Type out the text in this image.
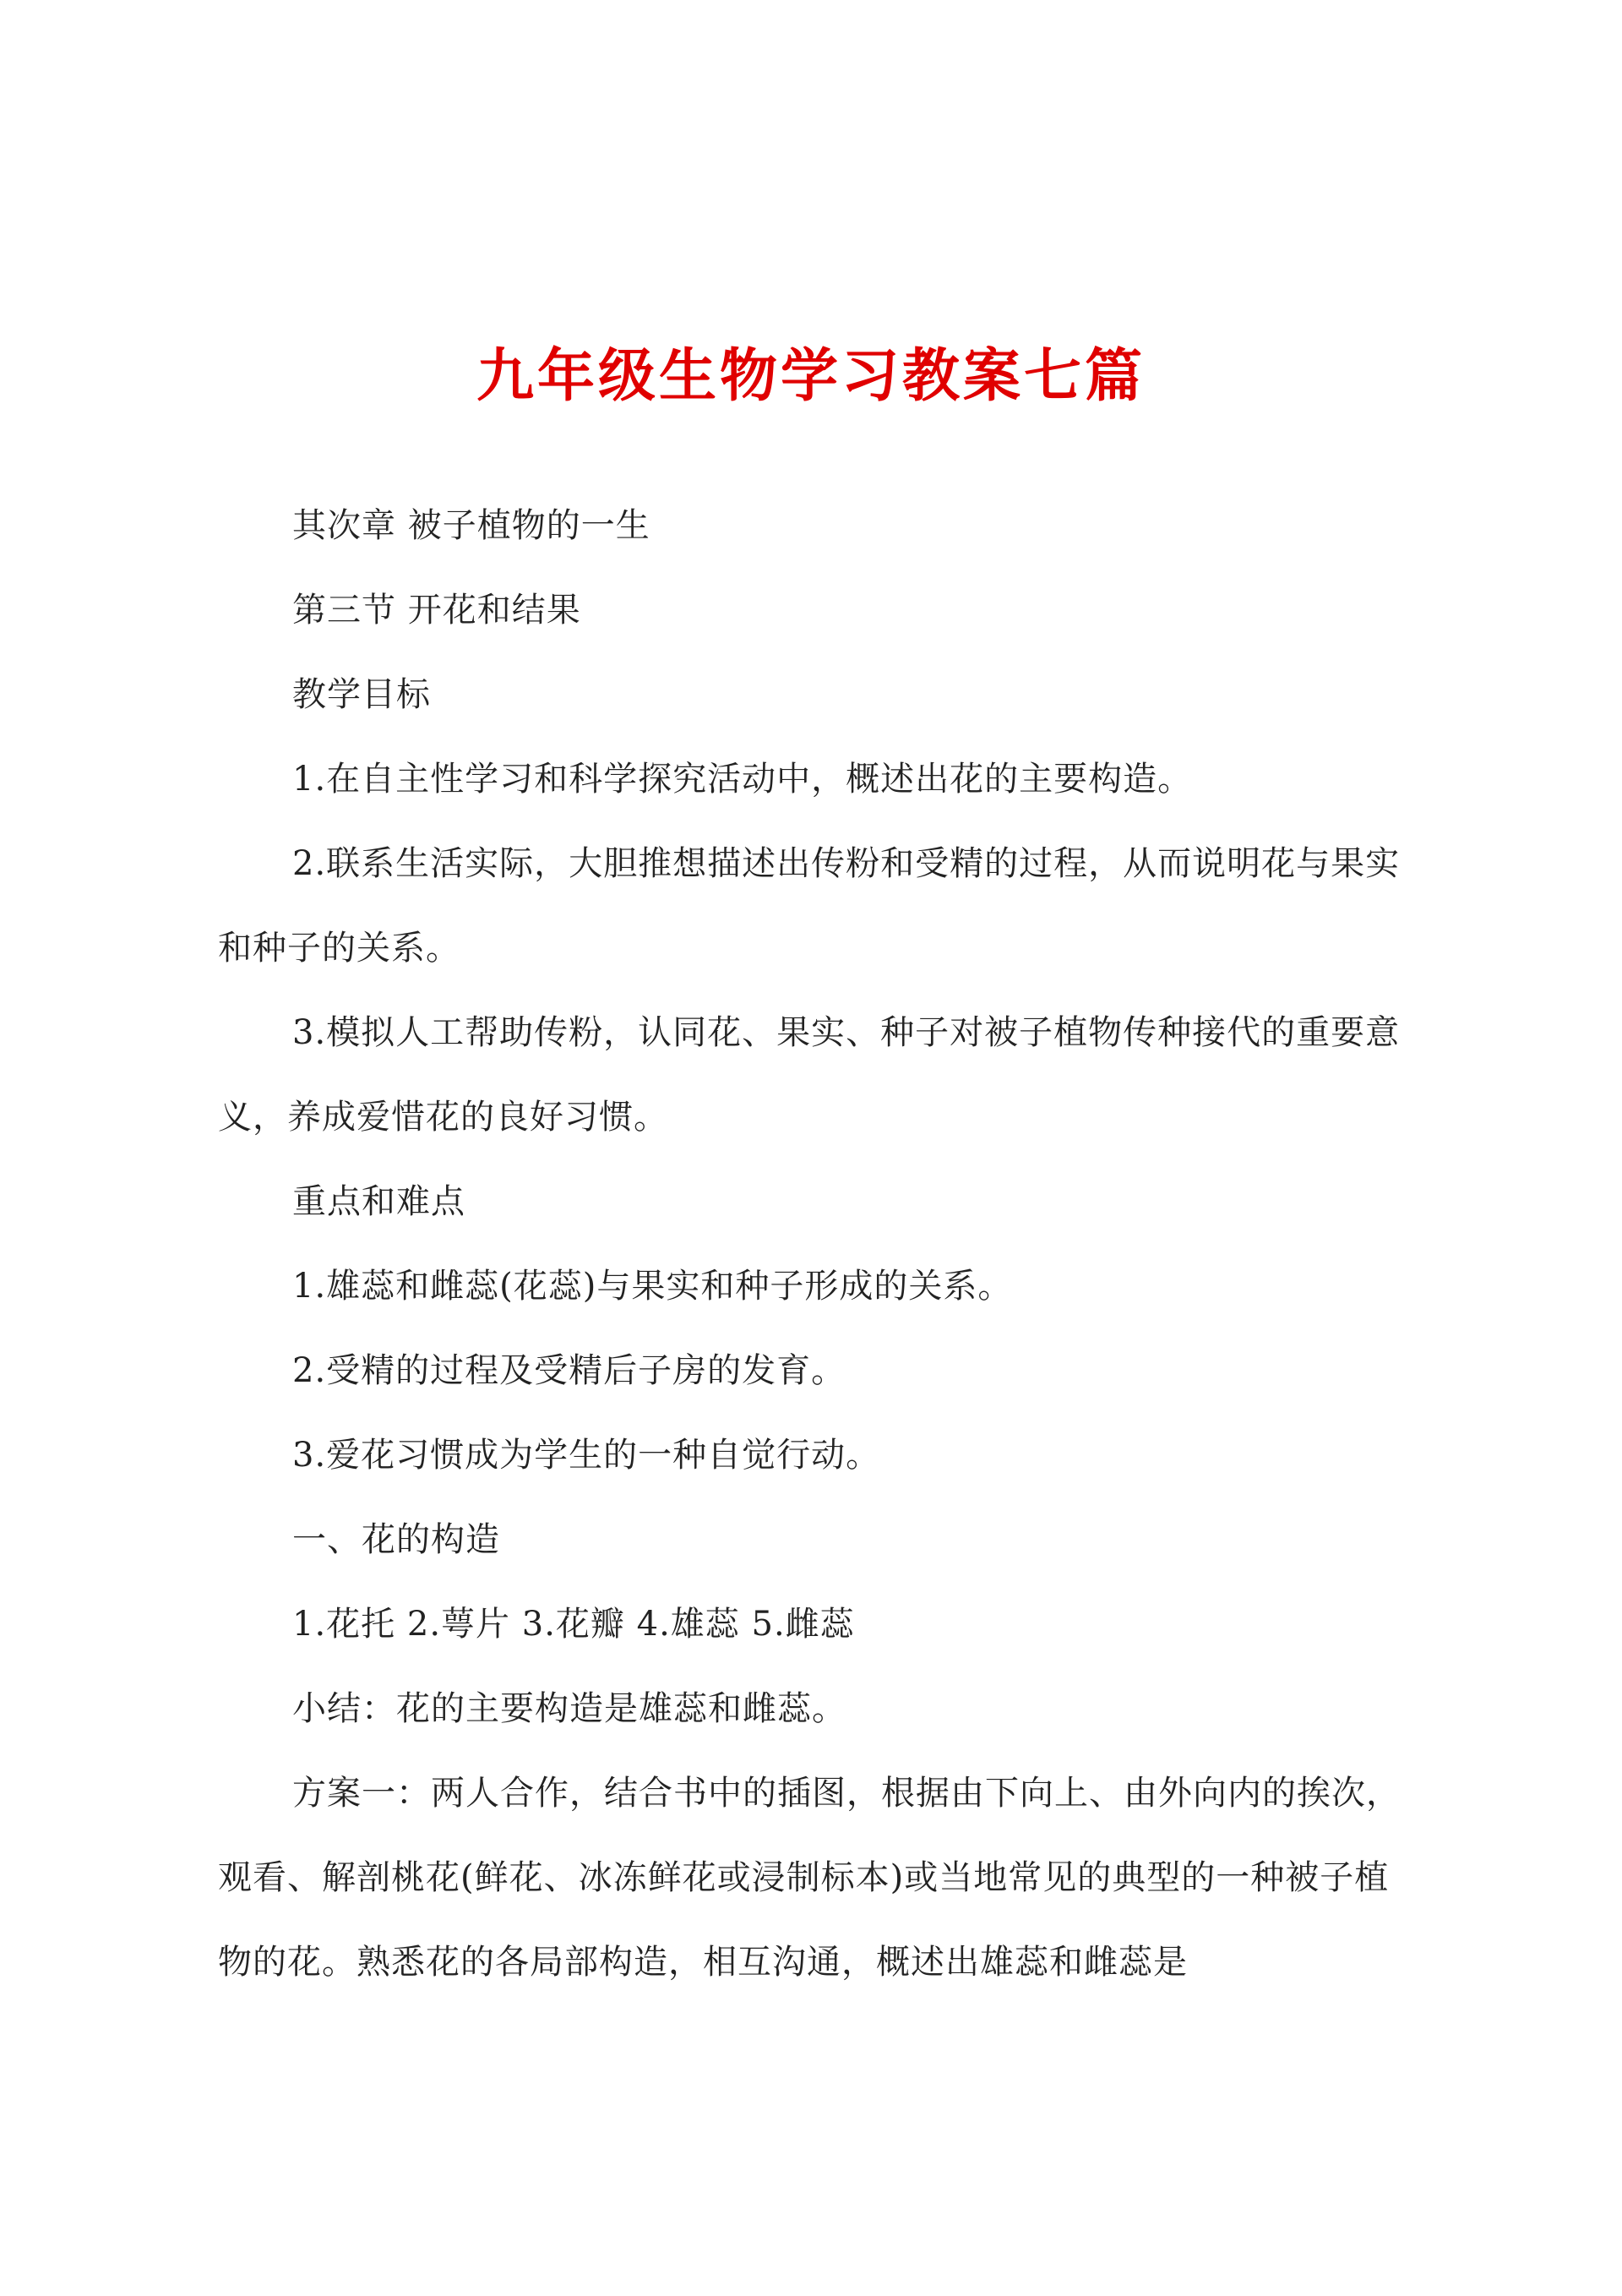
九年级生物学习教案七篇

其次章 被子植物的一生

第三节 开花和结果

教学目标

1.在自主性学习和科学探究活动中，概述出花的主要构造。

2.联系生活实际，大胆推想描述出传粉和受精的过程，从而说明花与果实和种子的关系。

3.模拟人工帮助传粉，认同花、果实、种子对被子植物传种接代的重要意义，养成爱惜花的良好习惯。

重点和难点

1.雄蕊和雌蕊(花蕊)与果实和种子形成的关系。

2.受精的过程及受精后子房的发育。

3.爱花习惯成为学生的一种自觉行动。

一、花的构造

1.花托 2.萼片 3.花瓣 4.雄蕊 5.雌蕊

小结：花的主要构造是雄蕊和雌蕊。

方案一：两人合作，结合书中的插图，根据由下向上、由外向内的挨次，观看、解剖桃花(鲜花、冰冻鲜花或浸制标本)或当地常见的典型的一种被子植物的花。熟悉花的各局部构造，相互沟通，概述出雄蕊和雌蕊是
